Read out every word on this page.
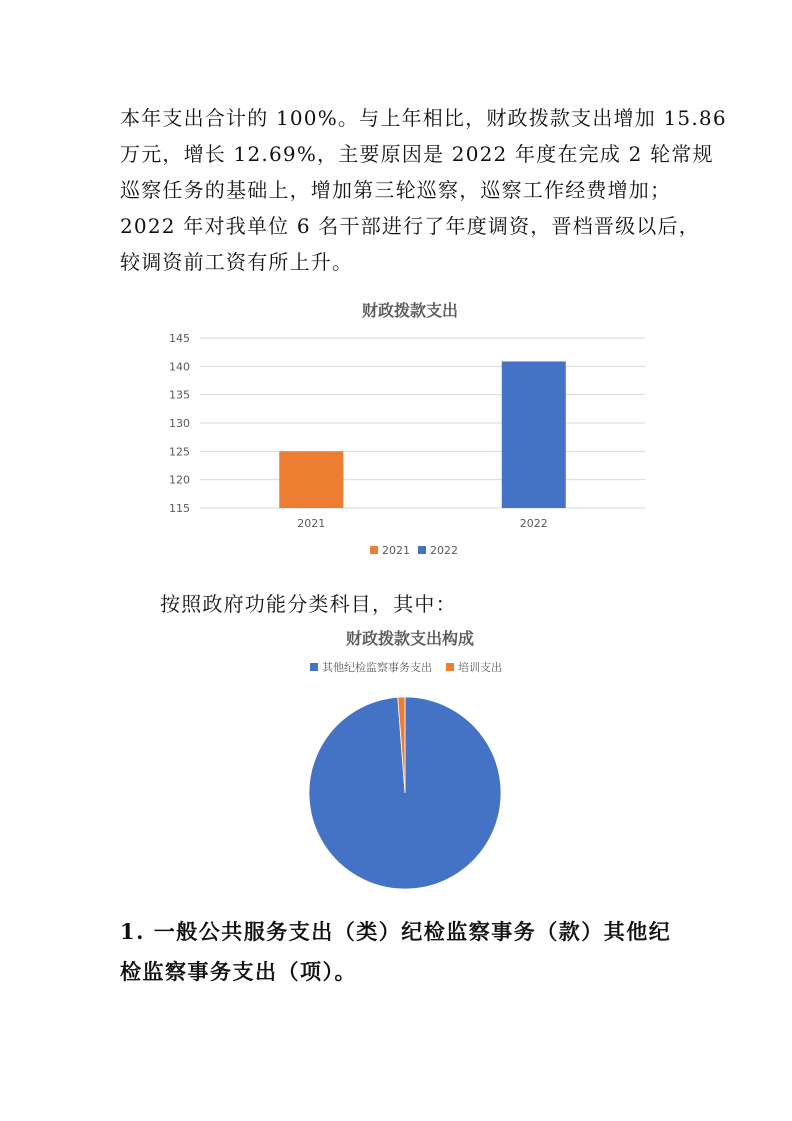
本年支出合计的 100%。与上年相比，财政拨款支出增加 15.86
万元，增长 12.69%，主要原因是 2022 年度在完成 2 轮常规
巡察任务的基础上，增加第三轮巡察，巡察工作经费增加；
2022 年对我单位 6 名干部进行了年度调资，晋档晋级以后，
较调资前工资有所上升。
财政拨款支出
145
140
135
130
125
120
115
2021	2022
2021 2022
按照政府功能分类科目，其中：
财政拨款支出构成
其他纪检监察事务支出 培训支出
1. 一般公共服务支出（类）纪检监察事务（款）其他纪
检监察事务支出（项）。
